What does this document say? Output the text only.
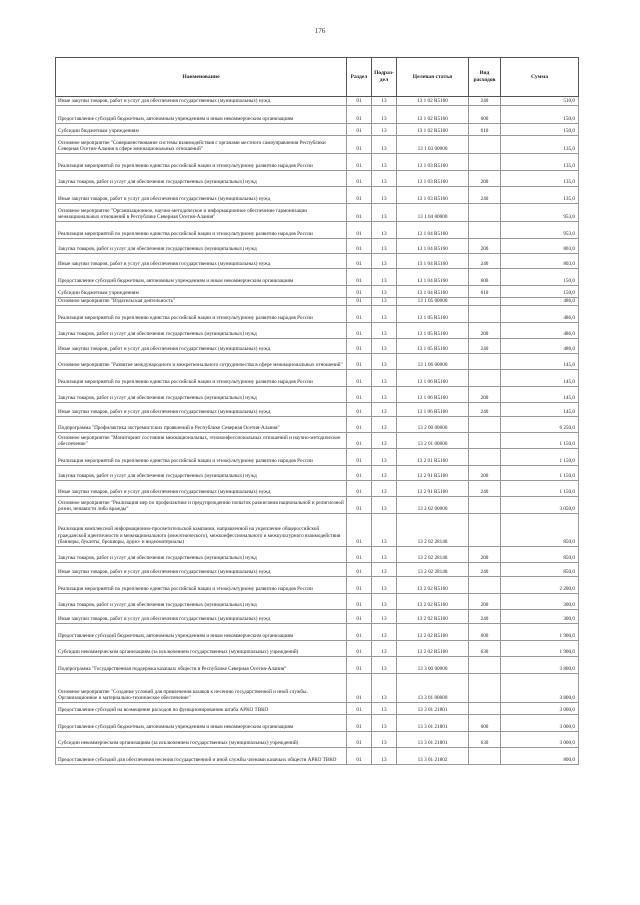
176
Наименование	Раздел	Подраз-дел	Целевая статья	Вид расходов	Сумма
Иные закупки товаров, работ и услуг для обеспечения государственных (муниципальных) нужд	01	13	13 1 02 R5160	240	510,0
Предоставление субсидий бюджетным, автономным учреждениям и иным некоммерческим организациям	01	13	13 1 02 R5160	600	150,0
Субсидии бюджетным учреждениям	01	13	13 1 02 R5160	610	150,0
Основное мероприятие "Совершенствование системы взаимодействия с органами местного самоуправления Республики Северная Осетия-Алания в сфере межнациональных отношений"	01	13	13 1 03 00000		135,0
Реализация мероприятий по укреплению единства российской нации и этнокультурному развитию народов России	01	13	13 1 03 R5160		135,0
Закупка товаров, работ и услуг для обеспечения государственных (муниципальных) нужд	01	13	13 1 03 R5160	200	135,0
Иные закупки товаров, работ и услуг для обеспечения государственных (муниципальных) нужд	01	13	13 1 03 R5160	240	135,0
Основное мероприятие "Организационное, научно-методическое и информационное обеспечение гармонизации межнациональных отношений в Республике Северная Осетия-Алания"	01	13	13 1 04 00000		953,0
Реализация мероприятий по укреплению единства российской нации и этнокультурному развитию народов России	01	13	13 1 04 R5160		953,0
Закупка товаров, работ и услуг для обеспечения государственных (муниципальных) нужд	01	13	13 1 04 R5160	200	803,0
Иные закупки товаров, работ и услуг для обеспечения государственных (муниципальных) нужд	01	13	13 1 04 R5160	240	803,0
Предоставление субсидий бюджетным, автономным учреждениям и иным некоммерческим организациям	01	13	13 1 04 R5160	600	150,0
Субсидии бюджетным учреждениям	01	13	13 1 04 R5160	610	150,0
Основное мероприятие "Издательская деятельность"	01	13	13 1 05 00000		486,0
Реализация мероприятий по укреплению единства российской нации и этнокультурному развитию народов России	01	13	13 1 05 R5160		486,0
Закупка товаров, работ и услуг для обеспечения государственных (муниципальных) нужд	01	13	13 1 05 R5160	200	486,0
Иные закупки товаров, работ и услуг для обеспечения государственных (муниципальных) нужд	01	13	13 1 05 R5160	240	486,0
Основное мероприятие "Развитие международного и межрегионального сотрудничества в сфере межнациональных отношений"	01	13	13 1 06 00000		145,0
Реализация мероприятий по укреплению единства российской нации и этнокультурному развитию народов России	01	13	13 1 06 R5160		145,0
Закупка товаров, работ и услуг для обеспечения государственных (муниципальных) нужд	01	13	13 1 06 R5160	200	145,0
Иные закупки товаров, работ и услуг для обеспечения государственных (муниципальных) нужд	01	13	13 1 06 R5160	240	145,0
Подпрограмма "Профилактика экстремистских проявлений в Республике Северная Осетия-Алания"	01	13	13 2 00 00000		6 250,0
Основное мероприятие "Мониторинг состояния межнациональных, этноконфессиональных отношений и научно-методическое обеспечение"	01	13	13 2 01 00000		1 150,0
Реализация мероприятий по укреплению единства российской нации и этнокультурному развитию народов России	01	13	13 2 01 R5160		1 150,0
Закупка товаров, работ и услуг для обеспечения государственных (муниципальных) нужд	01	13	13 2 01 R5160	200	1 150,0
Иные закупки товаров, работ и услуг для обеспечения государственных (муниципальных) нужд	01	13	13 2 01 R5160	240	1 150,0
Основное мероприятие "Реализация мер по профилактике и предупреждению попыток разжигания национальной и религиозной розни, ненависти либо вражды"	01	13	13 2 02 00000		3 050,0
Реализация комплексной информационно-просветительской кампании, направленной на укрепление общероссийской гражданской идентичности и межнационального (межэтнического), межконфессионального и межкультурного взаимодействия (баннеры, буклеты, брошюры, аудио- и видеоматериалы)	01	13	13 2 02 28148		850,0
Закупка товаров, работ и услуг для обеспечения государственных (муниципальных) нужд	01	13	13 2 02 28148	200	850,0
Иные закупки товаров, работ и услуг для обеспечения государственных (муниципальных) нужд	01	13	13 2 02 28148	240	850,0
Реализация мероприятий по укреплению единства российской нации и этнокультурному развитию народов России	01	13	13 2 02 R5160		2 200,0
Закупка товаров, работ и услуг для обеспечения государственных (муниципальных) нужд	01	13	13 2 02 R5160	200	300,0
Иные закупки товаров, работ и услуг для обеспечения государственных (муниципальных) нужд	01	13	13 2 02 R5160	240	300,0
Предоставление субсидий бюджетным, автономным учреждениям и иным некоммерческим организациям	01	13	13 2 02 R5160	600	1 900,0
Субсидии некоммерческим организациям (за исключением государственных (муниципальных) учреждений)	01	13	13 2 02 R5160	630	1 900,0
Подпрограмма "Государственная поддержка казачьих обществ в Республике Северная Осетия-Алания"	01	13	13 3 00 00000		3 800,0
Основное мероприятие "Создание условий для привлечения казаков к несению государственной и иной службы. Организационное и материально-техническое обеспечение"	01	13	13 3 01 00000		3 800,0
Предоставление субсидий на возмещение расходов по функционированию штаба АРКО ТВКО	01	13	13 3 01 21801		3 000,0
Предоставление субсидий бюджетным, автономным учреждениям и иным некоммерческим организациям	01	13	13 3 01 21801	600	3 000,0
Субсидии некоммерческим организациям (за исключением государственных (муниципальных) учреждений)	01	13	13 3 01 21801	630	3 000,0
Предоставление субсидий для обеспечения несения государственной и иной службы членами казачьих обществ АРКО ТВКО	01	13	13 3 01 21802		800,0
